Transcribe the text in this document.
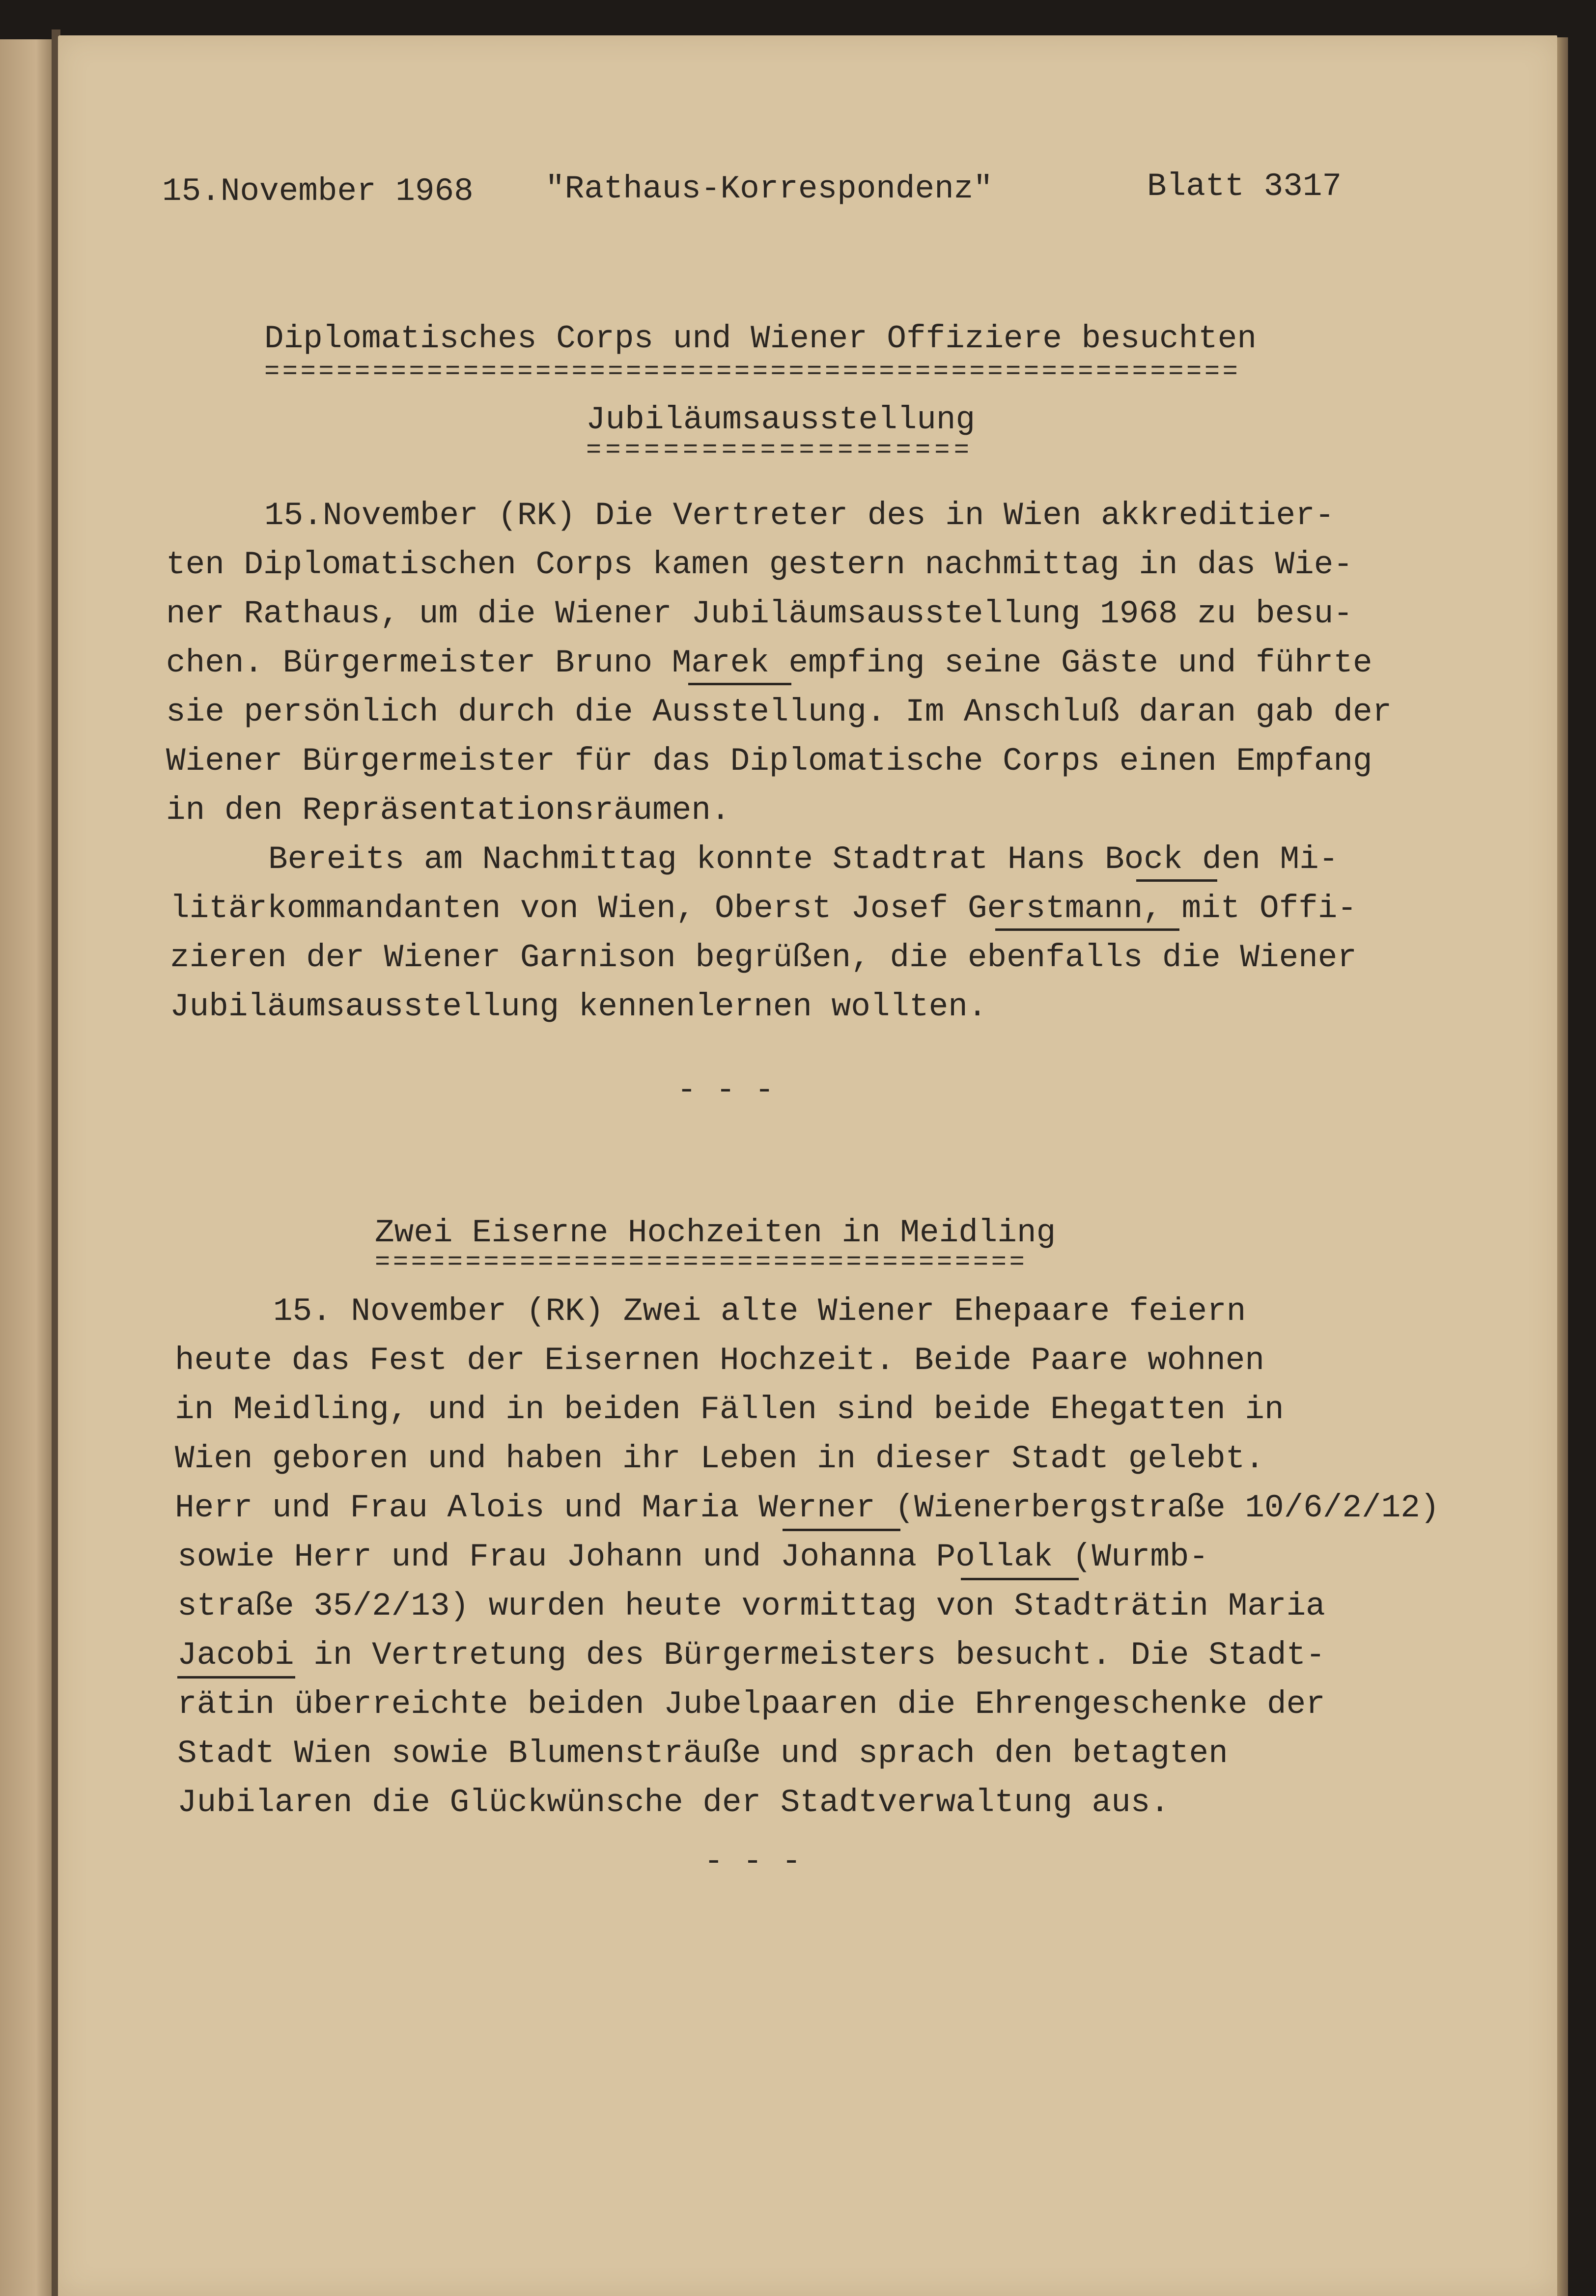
15.November 1968 "Rathaus-Korrespondenz"	Blatt 3317
Diplomatisches Corps und Wiener Offiziere besuchten
======================================================
Jubiläumsausstellung
====================
15.November (RK) Die Vertreter des in Wien akkreditier-
ten Diplomatischen Corps kamen gestern nachmittag in das Wie-
ner Rathaus, um die Wiener Jubiläumsausstellung 1968 zu besu-
chen. Bürgermeister Bruno Marek empfing seine Gäste und führte
sie persönlich durch die Ausstellung. Im Anschluß daran gab der
Wiener Bürgermeister für das Diplomatische Corps einen Empfang
in den Repräsentationsräumen.
Bereits am Nachmittag konnte Stadtrat Hans Bock den Mi-
litärkommandanten von Wien, Oberst Josef Gerstmann, mit Offi-
zieren der Wiener Garnison begrüßen, die ebenfalls die Wiener
Jubiläumsausstellung kennenlernen wollten.
- - -
Zwei Eiserne Hochzeiten in Meidling
====================================
15. November (RK) Zwei alte Wiener Ehepaare feiern
heute das Fest der Eisernen Hochzeit. Beide Paare wohnen
in Meidling, und in beiden Fällen sind beide Ehegatten in
Wien geboren und haben ihr Leben in dieser Stadt gelebt.
Herr und Frau Alois und Maria Werner (Wienerbergstraße 10/6/2/12)
sowie Herr und Frau Johann und Johanna Pollak (Wurmb-
straße 35/2/13) wurden heute vormittag von Stadträtin Maria
Jacobi in Vertretung des Bürgermeisters besucht. Die Stadt-
rätin überreichte beiden Jubelpaaren die Ehrengeschenke der
Stadt Wien sowie Blumensträuße und sprach den betagten
Jubilaren die Glückwünsche der Stadtverwaltung aus.
- - -
